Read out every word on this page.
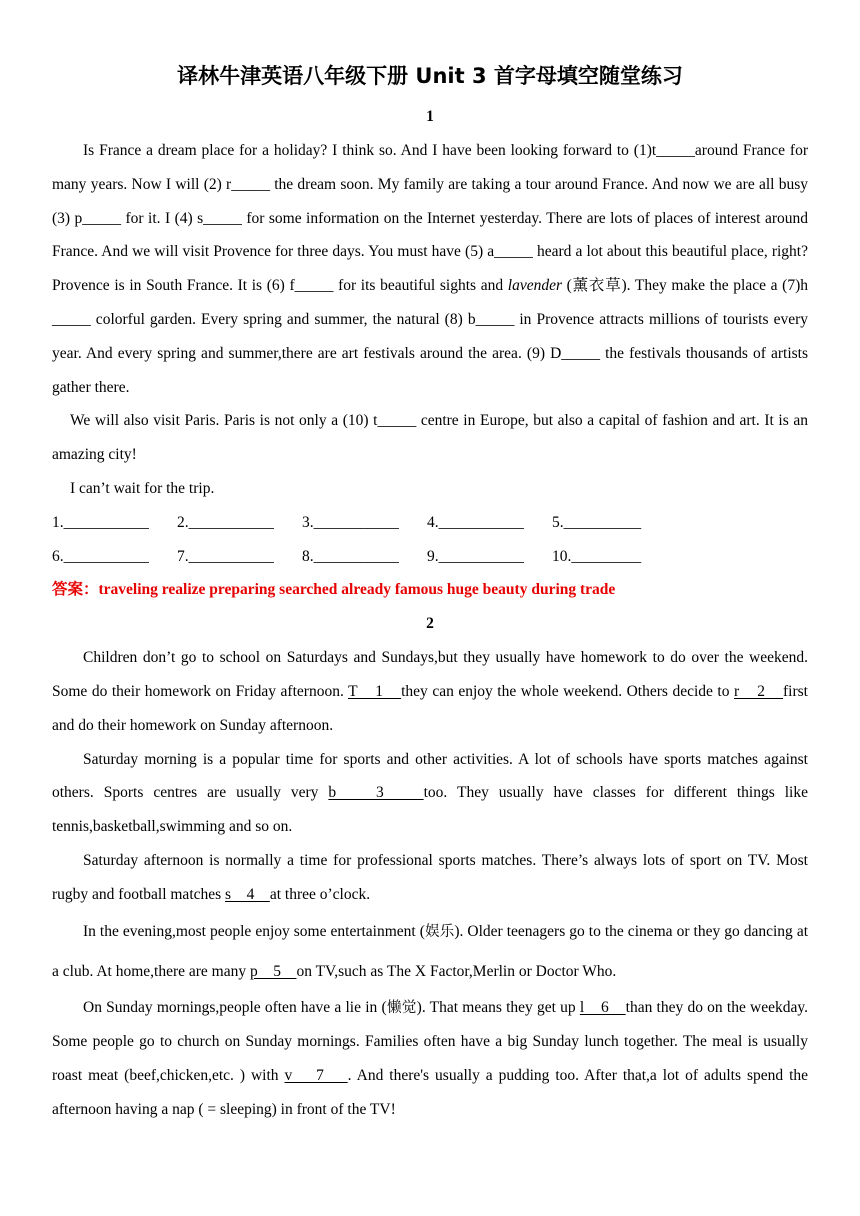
译林牛津英语八年级下册 Unit 3 首字母填空随堂练习
1

Is France a dream place for a holiday? I think so. And I have been looking forward to (1)t_____around France for many years. Now I will (2) r_____ the dream soon. My family are taking a tour around France. And now we are all busy (3) p_____ for it. I (4) s_____ for some information on the Internet yesterday. There are lots of places of interest around France. And we will visit Provence for three days. You must have (5) a_____ heard a lot about this beautiful place, right? Provence is in South France. It is (6) f_____ for its beautiful sights and lavender (薰衣草). They make the place a (7)h _____ colorful garden. Every spring and summer, the natural (8) b_____ in Provence attracts millions of tourists every year. And every spring and summer,there are art festivals around the area. (9) D_____ the festivals thousands of artists gather there.

We will also visit Paris. Paris is not only a (10) t_____ centre in Europe, but also a capital of fashion and art. It is an amazing city!

I can’t wait for the trip.

1.___________	2.___________	3.___________	4.___________	5.__________
6.___________	7.___________	8.___________	9.___________	10._________
答案：traveling realize preparing searched already famous huge beauty during trade
2

Children don’t go to school on Saturdays and Sundays,but they usually have homework to do over the weekend. Some do their homework on Friday afternoon. T    1    they can enjoy the whole weekend. Others decide to r    2    first and do their homework on Sunday afternoon.

Saturday morning is a popular time for sports and other activities. A lot of schools have sports matches against others. Sports centres are usually very b    3    too. They usually have classes for different things like tennis,basketball,swimming and so on.

Saturday afternoon is normally a time for professional sports matches. There’s always lots of sport on TV. Most rugby and football matches s    4    at three o’clock.

In the evening,most people enjoy some entertainment (娱乐). Older teenagers go to the cinema or they go dancing at a club. At home,there are many p    5    on TV,such as The X Factor,Merlin or Doctor Who.

On Sunday mornings,people often have a lie in (懒觉). That means they get up l    6    than they do on the weekday. Some people go to church on Sunday mornings. Families often have a big Sunday lunch together. The meal is usually roast meat (beef,chicken,etc. ) with v    7    . And there's usually a pudding too. After that,a lot of adults spend the afternoon having a nap ( = sleeping) in front of the TV!
